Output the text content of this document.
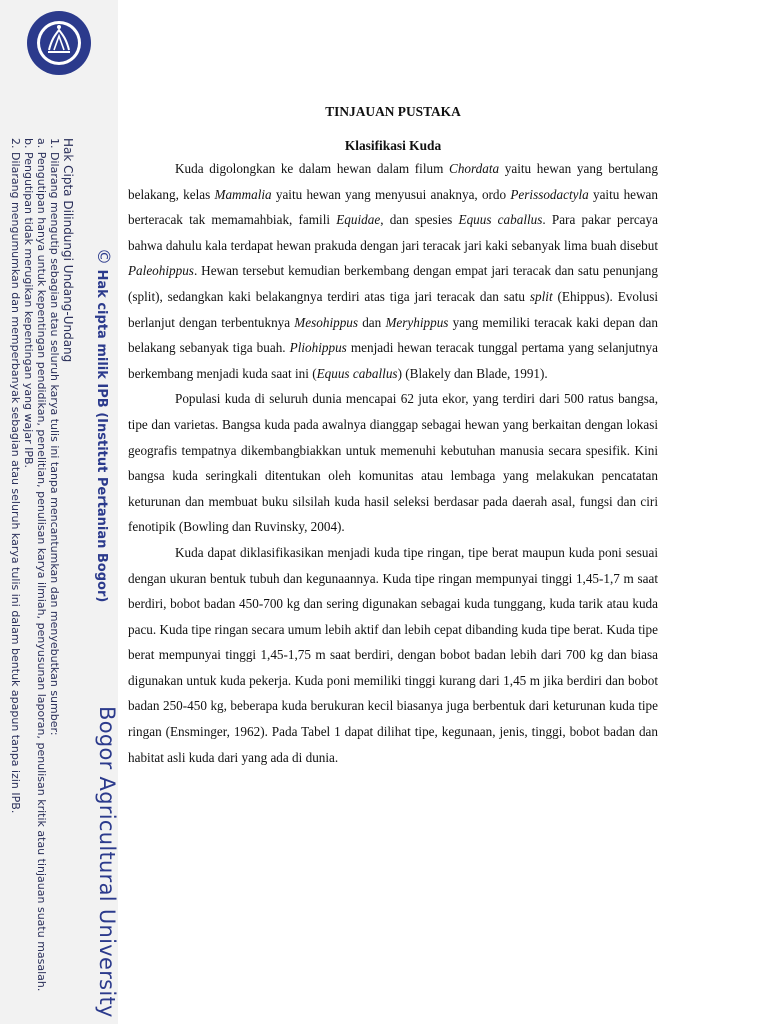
Hak Cipta Dilindungi Undang-Undang
1. Dilarang mengutip sebagian atau seluruh karya tulis ini tanpa mencantumkan dan menyebutkan sumber:
a. Pengutipan hanya untuk kepentingan pendidikan, penelitian, penulisan karya ilmiah, penyusunan laporan, penulisan kritik atau tinjauan suatu masalah.
b. Pengutipan tidak merugikan kepentingan yang wajar IPB.
2. Dilarang mengumumkan dan memperbanyak sebagian atau seluruh karya tulis ini dalam bentuk apapun tanpa izin IPB.	© Hak cipta milik IPB (Institut Pertanian Bogor)
Bogor Agricultural University

TINJAUAN PUSTAKA

Klasifikasi Kuda

Kuda digolongkan ke dalam hewan dalam filum Chordata yaitu hewan yang bertulang belakang, kelas Mammalia yaitu hewan yang menyusui anaknya, ordo Perissodactyla yaitu hewan berteracak tak memamahbiak, famili Equidae, dan spesies Equus caballus. Para pakar percaya bahwa dahulu kala terdapat hewan prakuda dengan jari teracak jari kaki sebanyak lima buah disebut Paleohippus. Hewan tersebut kemudian berkembang dengan empat jari teracak dan satu penunjang (split), sedangkan kaki belakangnya terdiri atas tiga jari teracak dan satu split (Ehippus). Evolusi berlanjut dengan terbentuknya Mesohippus dan Meryhippus yang memiliki teracak kaki depan dan belakang sebanyak tiga buah. Pliohippus menjadi hewan teracak tunggal pertama yang selanjutnya berkembang menjadi kuda saat ini (Equus caballus) (Blakely dan Blade, 1991).

Populasi kuda di seluruh dunia mencapai 62 juta ekor, yang terdiri dari 500 ratus bangsa, tipe dan varietas. Bangsa kuda pada awalnya dianggap sebagai hewan yang berkaitan dengan lokasi geografis tempatnya dikembangbiakkan untuk memenuhi kebutuhan manusia secara spesifik. Kini bangsa kuda seringkali ditentukan oleh komunitas atau lembaga yang melakukan pencatatan keturunan dan membuat buku silsilah kuda hasil seleksi berdasar pada daerah asal, fungsi dan ciri fenotipik (Bowling dan Ruvinsky, 2004).

Kuda dapat diklasifikasikan menjadi kuda tipe ringan, tipe berat maupun kuda poni sesuai dengan ukuran bentuk tubuh dan kegunaannya. Kuda tipe ringan mempunyai tinggi 1,45-1,7 m saat berdiri, bobot badan 450-700 kg dan sering digunakan sebagai kuda tunggang, kuda tarik atau kuda pacu. Kuda tipe ringan secara umum lebih aktif dan lebih cepat dibanding kuda tipe berat. Kuda tipe berat mempunyai tinggi 1,45-1,75 m saat berdiri, dengan bobot badan lebih dari 700 kg dan biasa digunakan untuk kuda pekerja. Kuda poni memiliki tinggi kurang dari 1,45 m jika berdiri dan bobot badan 250-450 kg, beberapa kuda berukuran kecil biasanya juga berbentuk dari keturunan kuda tipe ringan (Ensminger, 1962). Pada Tabel 1 dapat dilihat tipe, kegunaan, jenis, tinggi, bobot badan dan habitat asli kuda dari yang ada di dunia.
